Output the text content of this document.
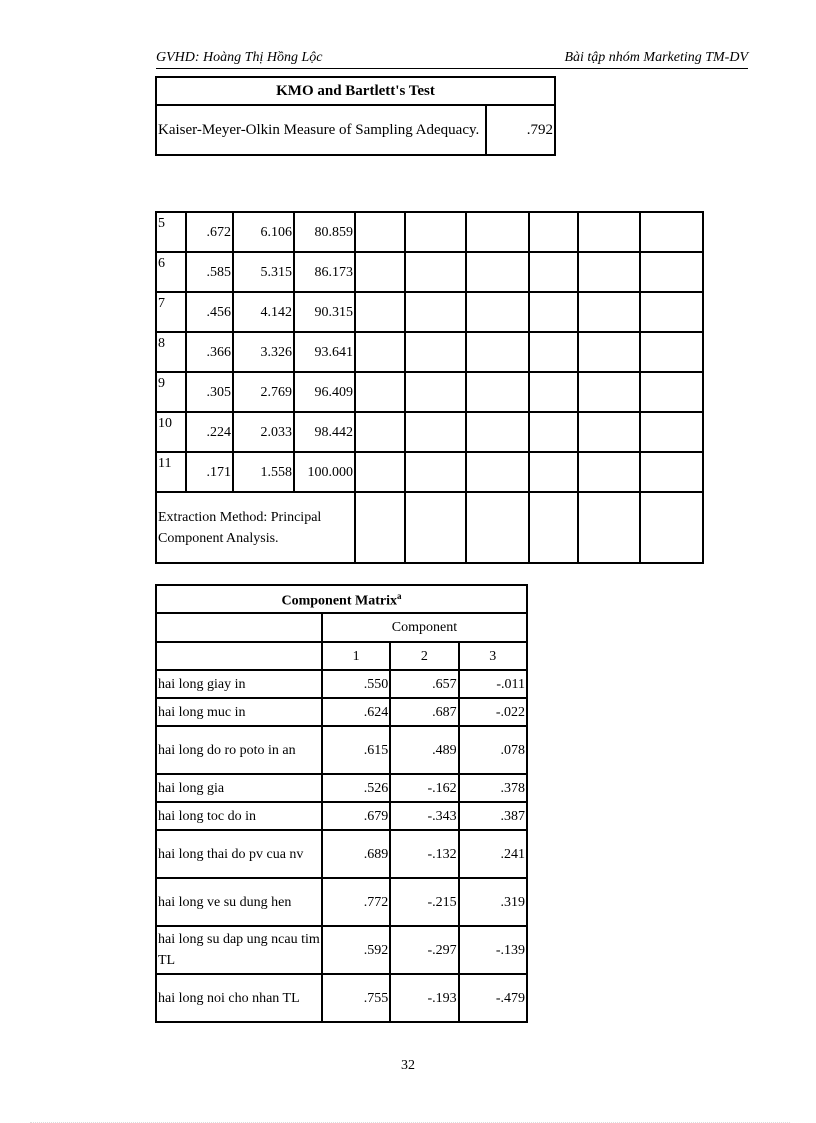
GVHD: Hoàng Thị Hồng Lộc	Bài tập nhóm Marketing TM-DV
KMO and Bartlett's Test
Kaiser-Meyer-Olkin Measure of Sampling Adequacy.	.792
5	.672	6.106	80.859						
6	.585	5.315	86.173						
7	.456	4.142	90.315						
8	.366	3.326	93.641						
9	.305	2.769	96.409						
10	.224	2.033	98.442						
11	.171	1.558	100.000						
Extraction Method: Principal Component Analysis.									
Component Matrix$^a$
	Component		
	1	2	3
hai long giay in	.550	.657	-.011
hai long muc in	.624	.687	-.022
hai long do ro poto in an	.615	.489	.078
hai long gia	.526	-.162	.378
hai long toc do in	.679	-.343	.387
hai long thai do pv cua nv	.689	-.132	.241
hai long ve su dung hen	.772	-.215	.319
hai long su dap ung ncau tim TL	.592	-.297	-.139
hai long noi cho nhan TL	.755	-.193	-.479
32
